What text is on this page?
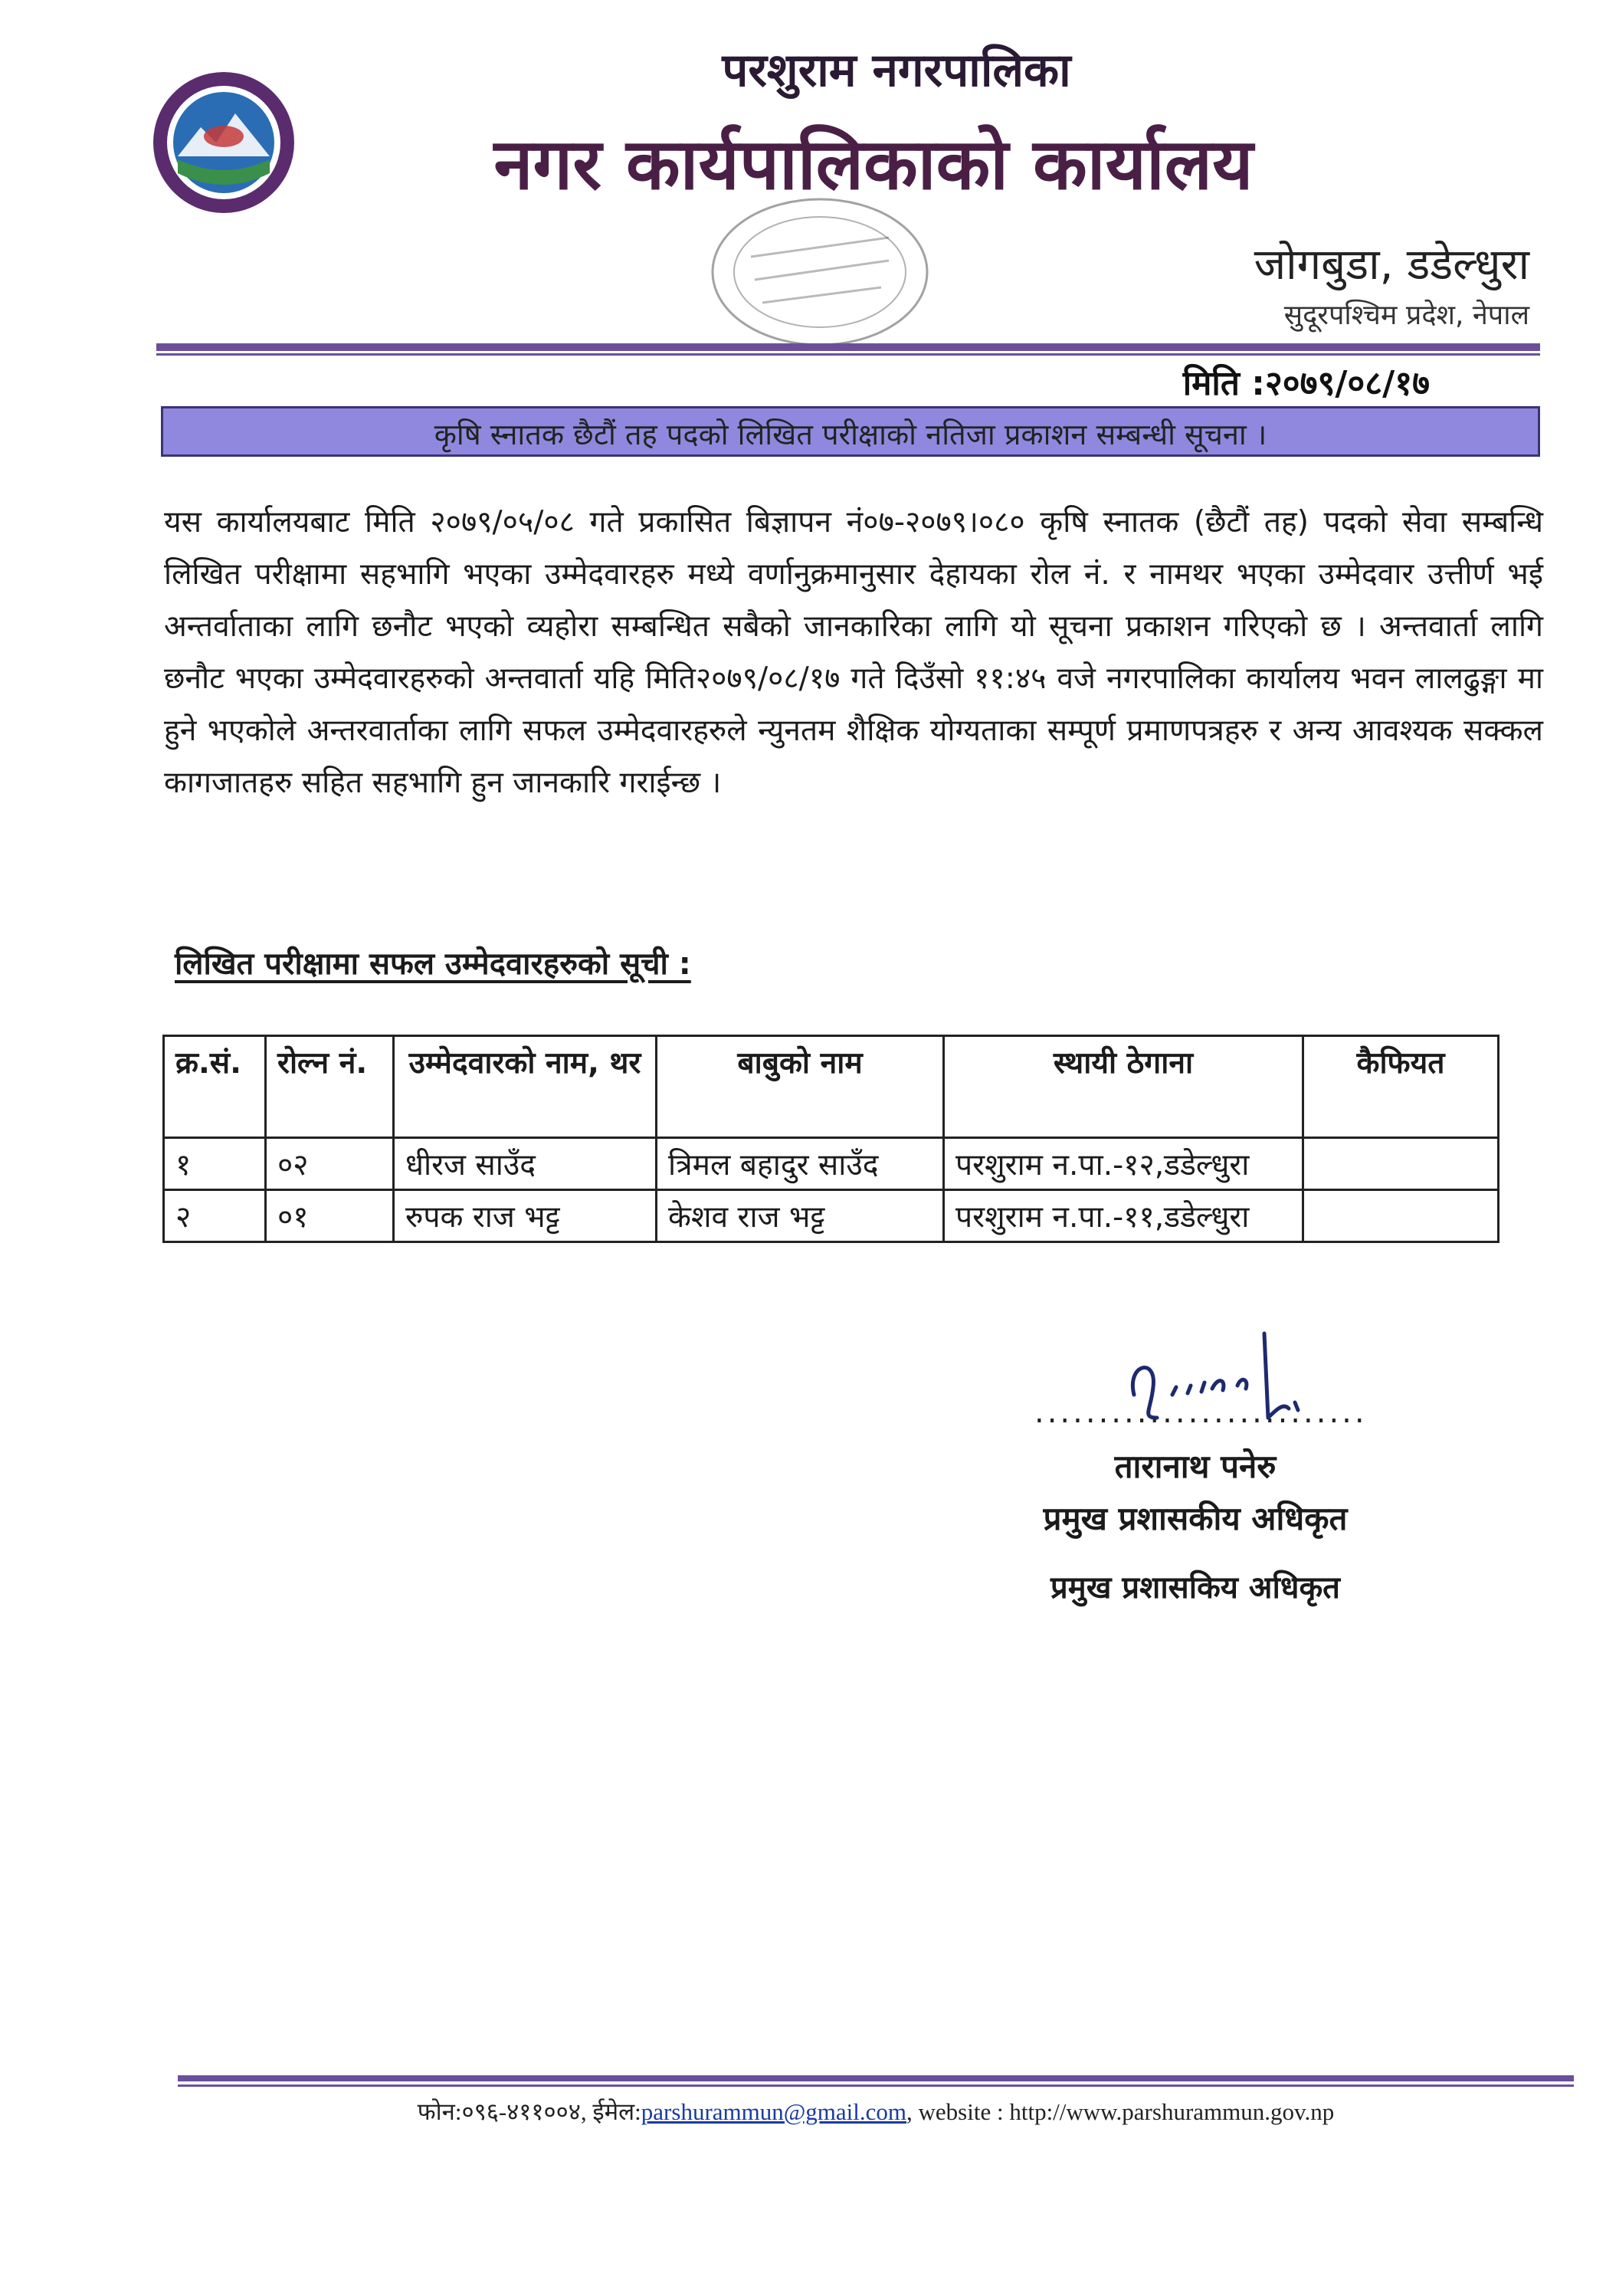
परशुराम नगरपालिका
नगर कार्यपालिकाको कार्यालय
जोगबुडा, डडेल्धुरा
सुदूरपश्चिम प्रदेश, नेपाल
मिति :२०७९/०८/१७
कृषि स्नातक छैटौं तह पदको लिखित परीक्षाको नतिजा प्रकाशन सम्बन्धी सूचना ।
यस कार्यालयबाट मिति २०७९/०५/०८ गते प्रकासित बिज्ञापन नं०७-२०७९।०८० कृषि स्नातक (छैटौं तह) पदको सेवा सम्बन्धि लिखित परीक्षामा सहभागि भएका उम्मेदवारहरु मध्ये वर्णानुक्रमानुसार देहायका रोल नं. र नामथर भएका उम्मेदवार उत्तीर्ण भई अन्तर्वाताका लागि छनौट भएको व्यहोरा सम्बन्धित सबैको जानकारिका लागि यो सूचना प्रकाशन गरिएको छ । अन्तवार्ता लागि छनौट भएका उम्मेदवारहरुको अन्तवार्ता यहि मिति२०७९/०८/१७ गते दिउँसो ११:४५ वजे नगरपालिका कार्यालय भवन लालढुङ्गा मा हुने भएकोले अन्तरवार्ताका लागि सफल उम्मेदवारहरुले न्युनतम शैक्षिक योग्यताका सम्पूर्ण प्रमाणपत्रहरु र अन्य आवश्यक सक्कल कागजातहरु सहित सहभागि हुन जानकारि गराईन्छ ।
लिखित परीक्षामा सफल उम्मेदवारहरुको सूची :
क्र.सं.	रोल्न नं.	उम्मेदवारको नाम, थर	बाबुको नाम	स्थायी ठेगाना	कैफियत
१	०२	धीरज साउँद	त्रिमल बहादुर साउँद	परशुराम न.पा.-१२,डडेल्धुरा	
२	०१	रुपक राज भट्ट	केशव राज भट्ट	परशुराम न.पा.-११,डडेल्धुरा	
..........................
तारानाथ पनेरु
प्रमुख प्रशासकीय अधिकृत
प्रमुख प्रशासकिय अधिकृत
फोन:०९६-४११००४, ईमेल:parshurammun@gmail.com, website : http://www.parshurammun.gov.np
